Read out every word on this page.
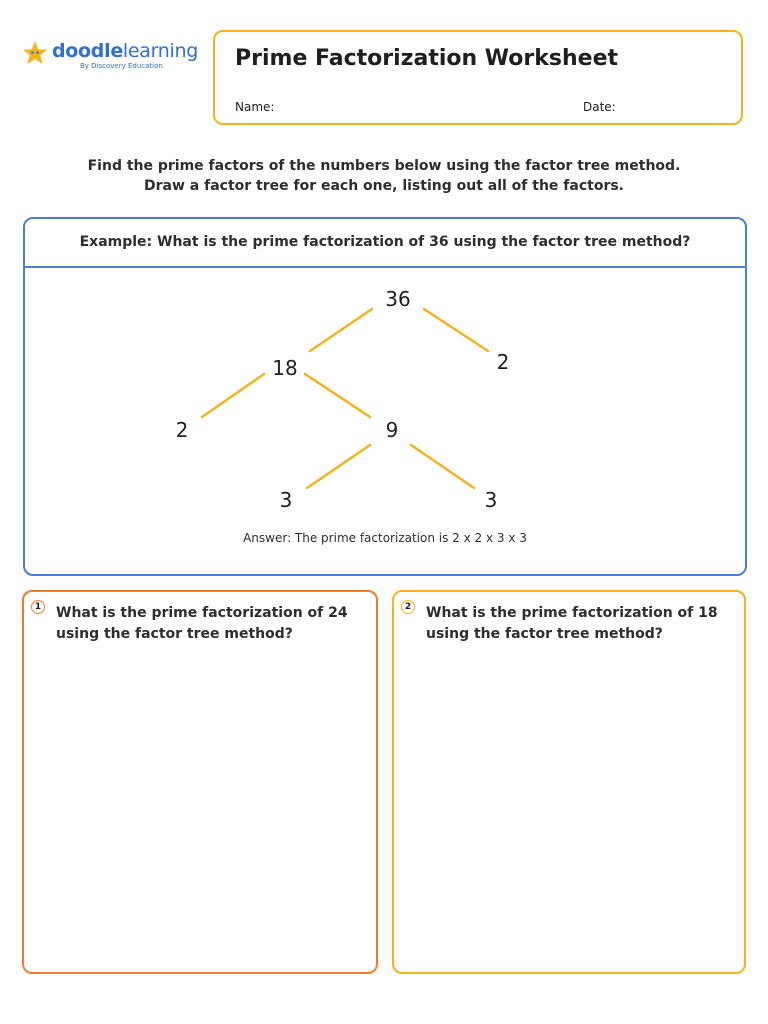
doodlelearning
By Discovery Education	Prime Factorization Worksheet
Name:	Date:
Find the prime factors of the numbers below using the factor tree method.
Draw a factor tree for each one, listing out all of the factors.
Example: What is the prime factorization of 36 using the factor tree method?
36
18	2
2	9
3	3
Answer: The prime factorization is 2 x 2 x 3 x 3
1 What is the prime factorization of 24 using the factor tree method?
2 What is the prime factorization of 18 using the factor tree method?
